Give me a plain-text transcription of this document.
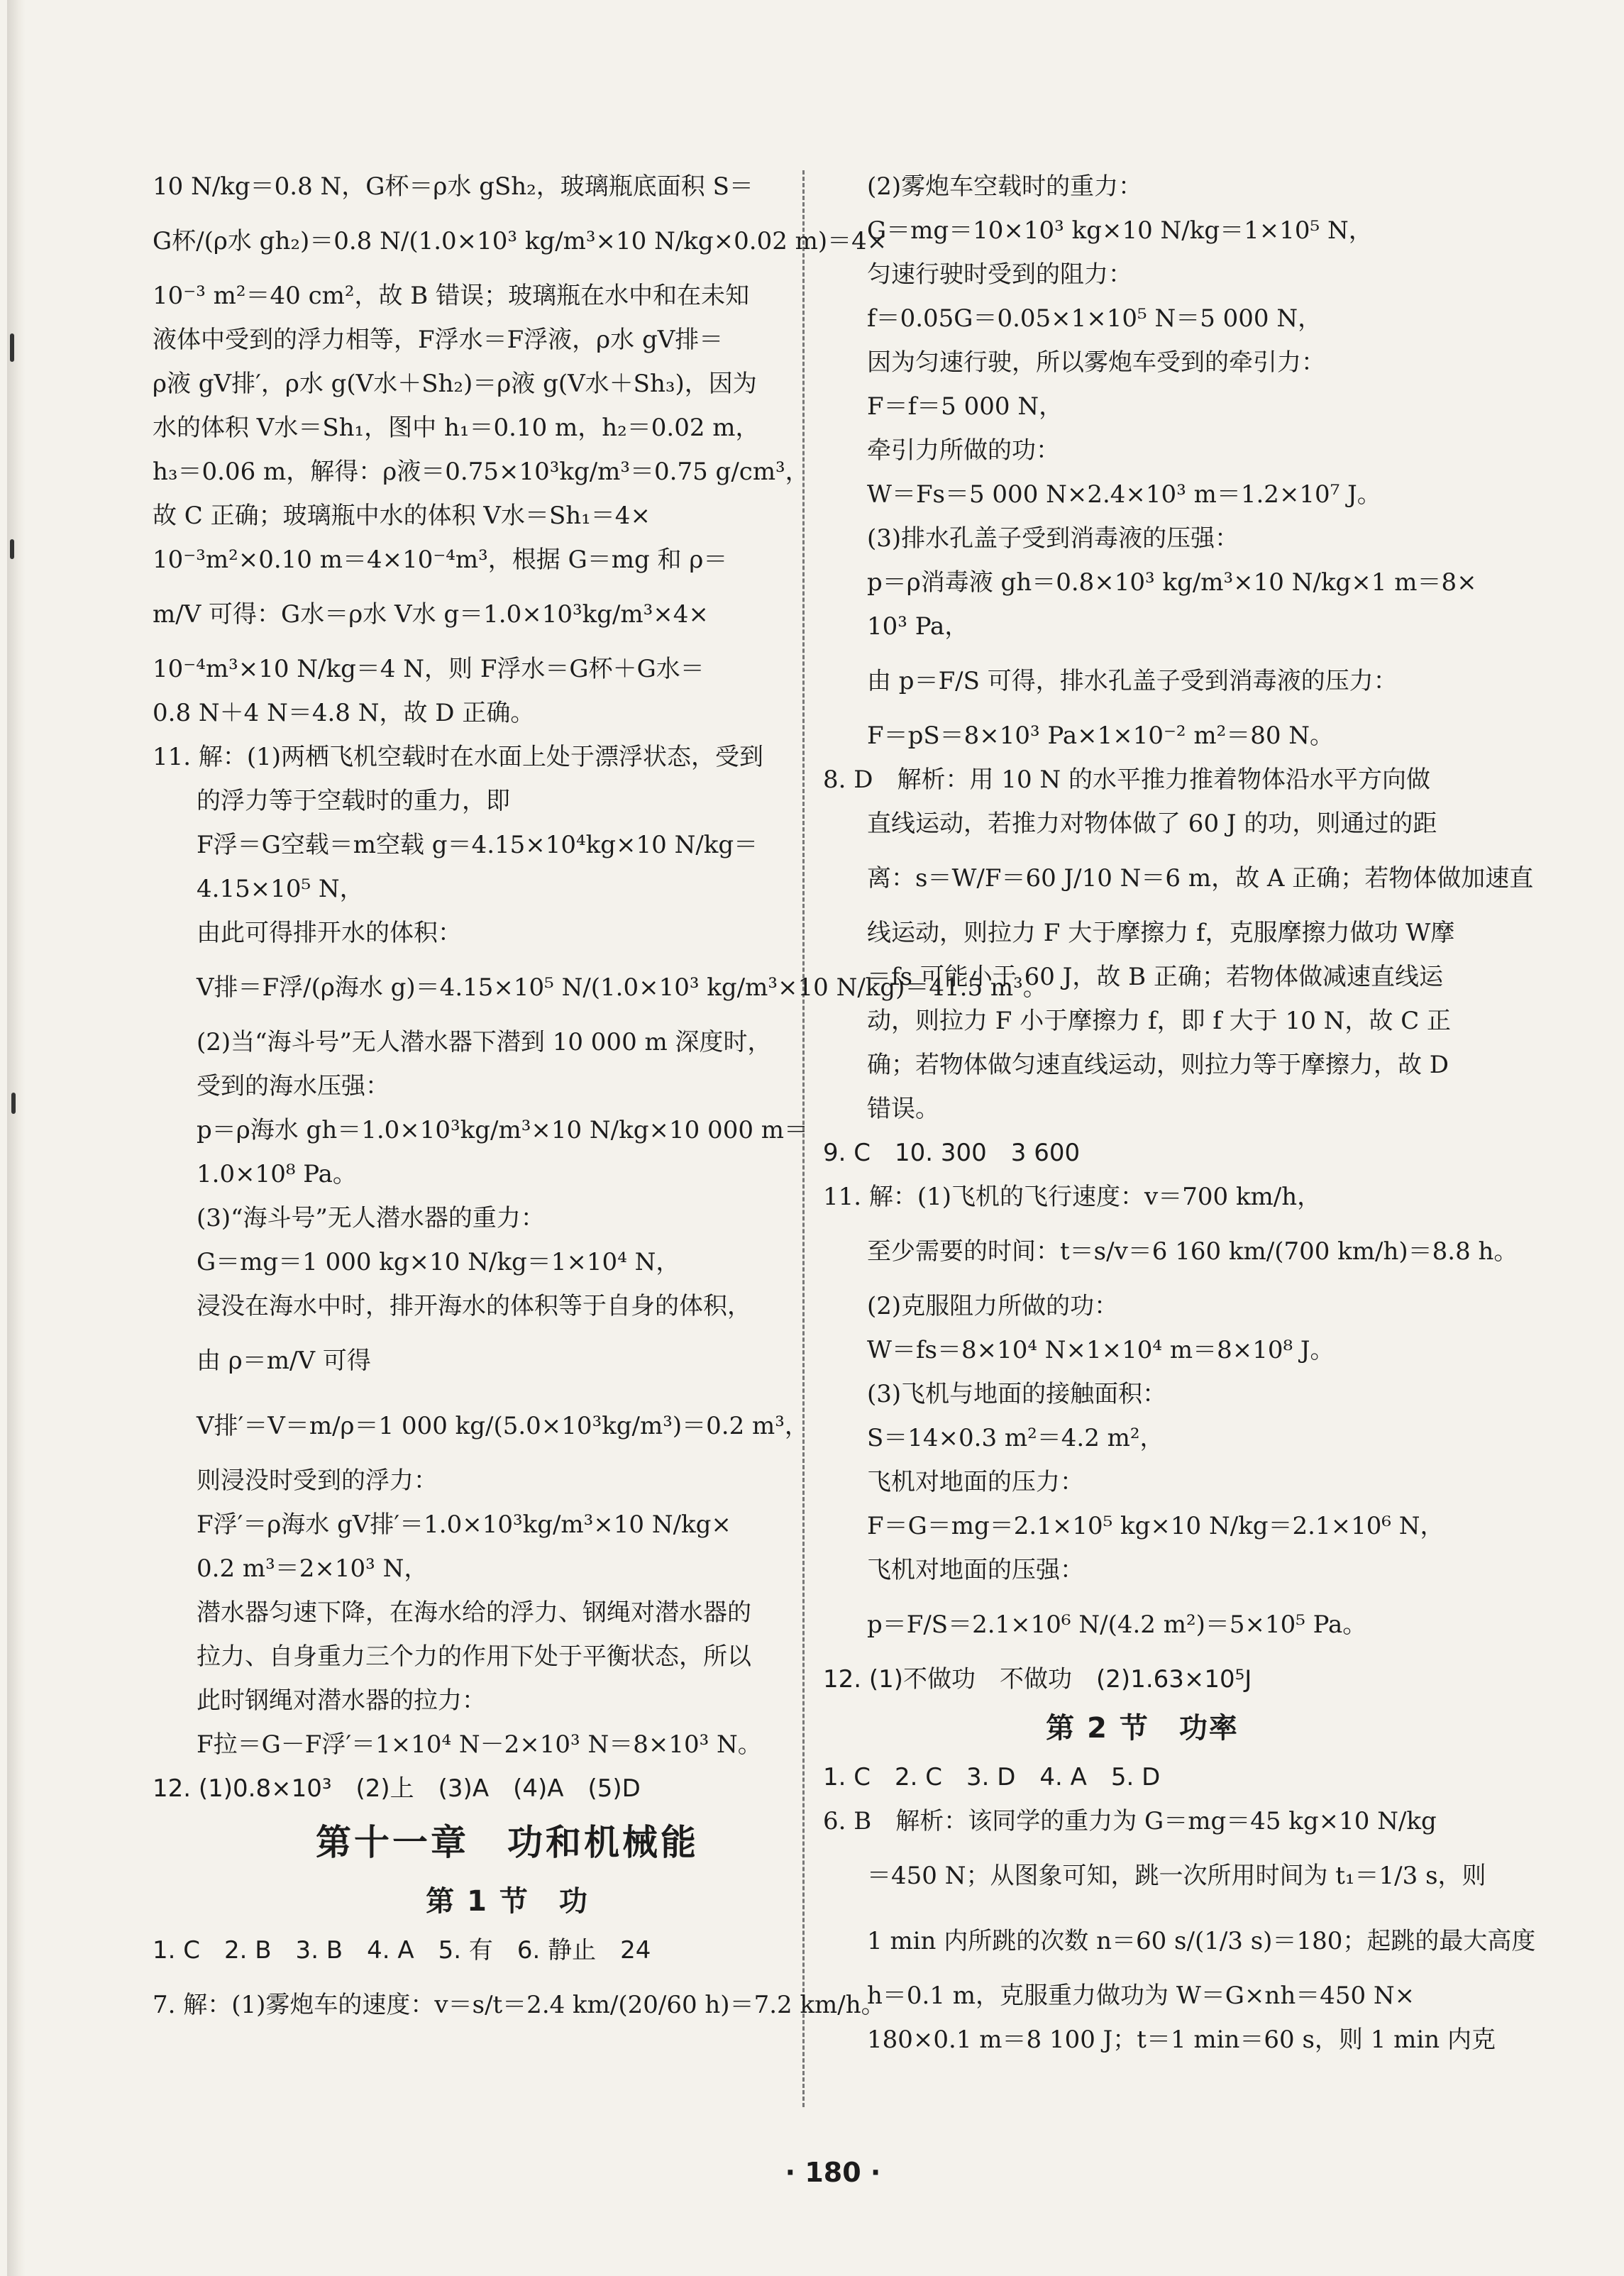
10 N/kg＝0.8 N，G杯＝ρ水 gSh₂，玻璃瓶底面积 S＝
G杯/(ρ水 gh₂)＝0.8 N/(1.0×10³ kg/m³×10 N/kg×0.02 m)＝4×
10⁻³ m²＝40 cm²，故 B 错误；玻璃瓶在水中和在未知
液体中受到的浮力相等，F浮水＝F浮液，ρ水 gV排＝
ρ液 gV排′，ρ水 g(V水＋Sh₂)＝ρ液 g(V水＋Sh₃)，因为
水的体积 V水＝Sh₁，图中 h₁＝0.10 m，h₂＝0.02 m，
h₃＝0.06 m，解得：ρ液＝0.75×10³kg/m³＝0.75 g/cm³，
故 C 正确；玻璃瓶中水的体积 V水＝Sh₁＝4×
10⁻³m²×0.10 m＝4×10⁻⁴m³，根据 G＝mg 和 ρ＝
m/V 可得：G水＝ρ水 V水 g＝1.0×10³kg/m³×4×
10⁻⁴m³×10 N/kg＝4 N，则 F浮水＝G杯＋G水＝
0.8 N＋4 N＝4.8 N，故 D 正确。
11. 解：(1)两栖飞机空载时在水面上处于漂浮状态，受到
的浮力等于空载时的重力，即
F浮＝G空载＝m空载 g＝4.15×10⁴kg×10 N/kg＝
4.15×10⁵ N，
由此可得排开水的体积：
V排＝F浮/(ρ海水 g)＝4.15×10⁵ N/(1.0×10³ kg/m³×10 N/kg)＝41.5 m³。
(2)当“海斗号”无人潜水器下潜到 10 000 m 深度时，
受到的海水压强：
p＝ρ海水 gh＝1.0×10³kg/m³×10 N/kg×10 000 m＝
1.0×10⁸ Pa。
(3)“海斗号”无人潜水器的重力：
G＝mg＝1 000 kg×10 N/kg＝1×10⁴ N，
浸没在海水中时，排开海水的体积等于自身的体积，
由 ρ＝m/V 可得
V排′＝V＝m/ρ＝1 000 kg/(5.0×10³kg/m³)＝0.2 m³，
则浸没时受到的浮力：
F浮′＝ρ海水 gV排′＝1.0×10³kg/m³×10 N/kg×
0.2 m³＝2×10³ N，
潜水器匀速下降，在海水给的浮力、钢绳对潜水器的
拉力、自身重力三个力的作用下处于平衡状态，所以
此时钢绳对潜水器的拉力：
F拉＝G－F浮′＝1×10⁴ N－2×10³ N＝8×10³ N。
12. (1)0.8×10³　(2)上　(3)A　(4)A　(5)D
第十一章　功和机械能
第 1 节　功
1. C　2. B　3. B　4. A　5. 有　6. 静止　24
7. 解：(1)雾炮车的速度：v＝s/t＝2.4 km/(20/60 h)＝7.2 km/h。
(2)雾炮车空载时的重力：
G＝mg＝10×10³ kg×10 N/kg＝1×10⁵ N，
匀速行驶时受到的阻力：
f＝0.05G＝0.05×1×10⁵ N＝5 000 N，
因为匀速行驶，所以雾炮车受到的牵引力：
F＝f＝5 000 N，
牵引力所做的功：
W＝Fs＝5 000 N×2.4×10³ m＝1.2×10⁷ J。
(3)排水孔盖子受到消毒液的压强：
p＝ρ消毒液 gh＝0.8×10³ kg/m³×10 N/kg×1 m＝8×
10³ Pa，
由 p＝F/S 可得，排水孔盖子受到消毒液的压力：
F＝pS＝8×10³ Pa×1×10⁻² m²＝80 N。
8. D　解析：用 10 N 的水平推力推着物体沿水平方向做
直线运动，若推力对物体做了 60 J 的功，则通过的距
离：s＝W/F＝60 J/10 N＝6 m，故 A 正确；若物体做加速直
线运动，则拉力 F 大于摩擦力 f，克服摩擦力做功 W摩
＝fs 可能小于 60 J，故 B 正确；若物体做减速直线运
动，则拉力 F 小于摩擦力 f，即 f 大于 10 N，故 C 正
确；若物体做匀速直线运动，则拉力等于摩擦力，故 D
错误。
9. C　10. 300　3 600
11. 解：(1)飞机的飞行速度：v＝700 km/h，
至少需要的时间：t＝s/v＝6 160 km/(700 km/h)＝8.8 h。
(2)克服阻力所做的功：
W＝fs＝8×10⁴ N×1×10⁴ m＝8×10⁸ J。
(3)飞机与地面的接触面积：
S＝14×0.3 m²＝4.2 m²，
飞机对地面的压力：
F＝G＝mg＝2.1×10⁵ kg×10 N/kg＝2.1×10⁶ N，
飞机对地面的压强：
p＝F/S＝2.1×10⁶ N/(4.2 m²)＝5×10⁵ Pa。
12. (1)不做功　不做功　(2)1.63×10⁵J
第 2 节　功率
1. C　2. C　3. D　4. A　5. D
6. B　解析：该同学的重力为 G＝mg＝45 kg×10 N/kg
＝450 N；从图象可知，跳一次所用时间为 t₁＝1/3 s，则
1 min 内所跳的次数 n＝60 s/(1/3 s)＝180；起跳的最大高度
h＝0.1 m，克服重力做功为 W＝G×nh＝450 N×
180×0.1 m＝8 100 J；t＝1 min＝60 s，则 1 min 内克
· 180 ·
